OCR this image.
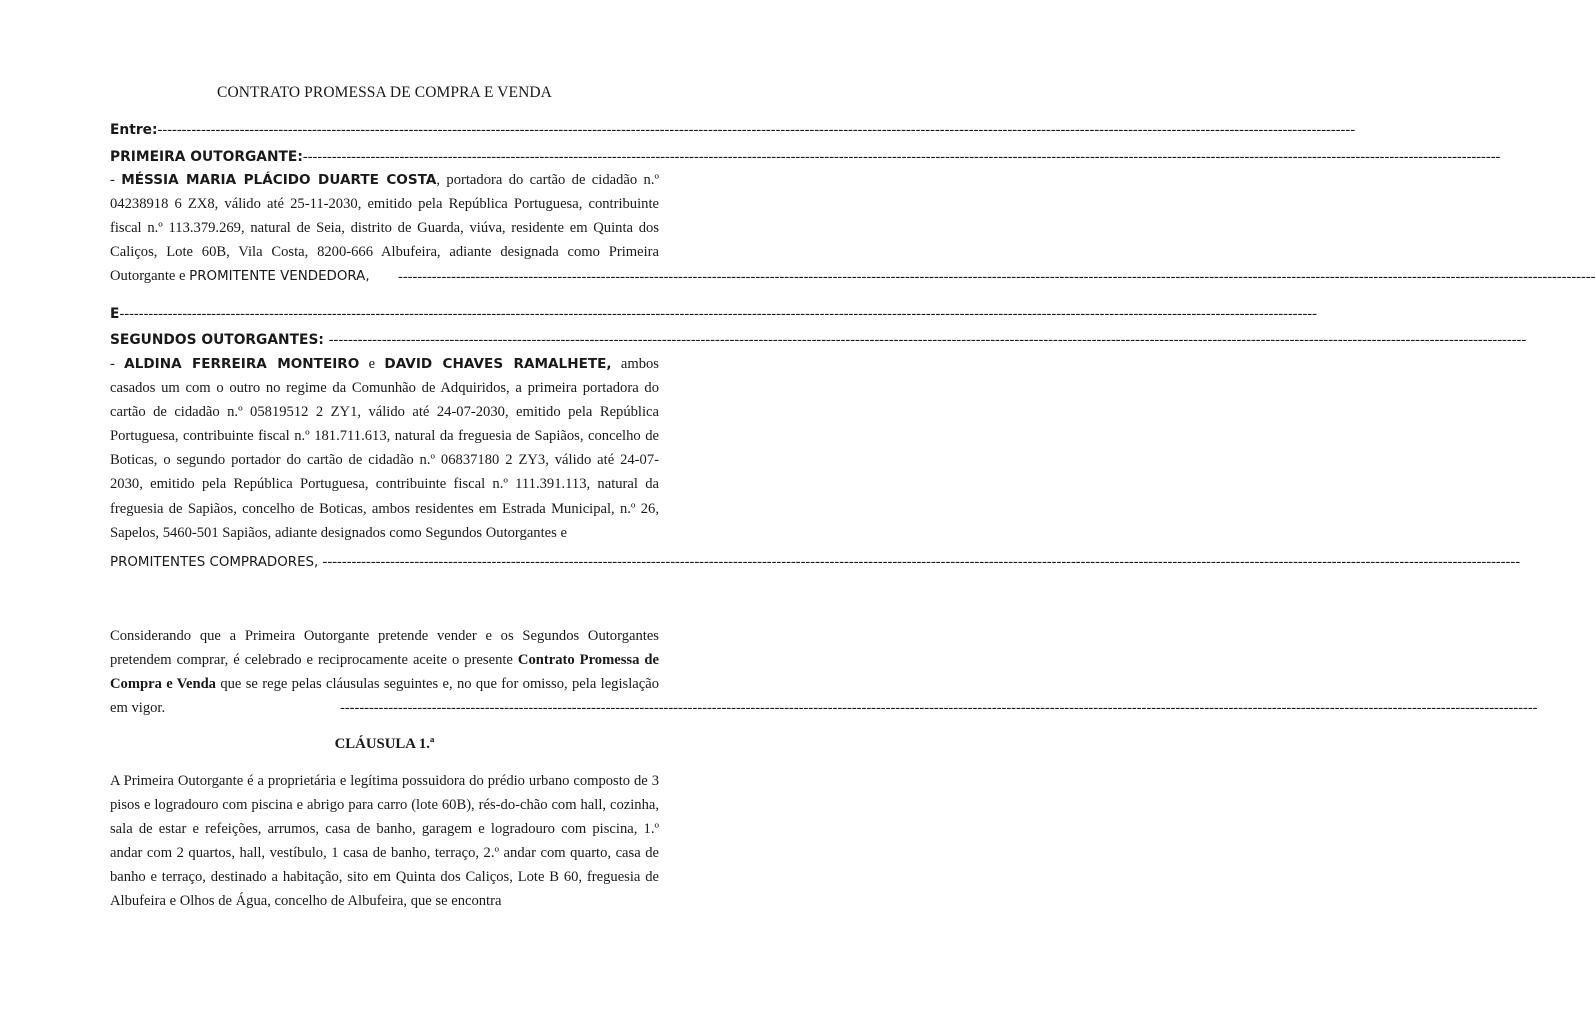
CONTRATO PROMESSA DE COMPRA E VENDA
Entre:--------------------------------------------------------------------------------------------------------------------------------------------------------------------------------------------------------------------------------------------------------
PRIMEIRA OUTORGANTE:--------------------------------------------------------------------------------------------------------------------------------------------------------------------------------------------------------------------------------------------------------

- MÉSSIA MARIA PLÁCIDO DUARTE COSTA, portadora do cartão de cidadão n.º 04238918 6 ZX8, válido até 25-11-2030, emitido pela República Portuguesa, contribuinte fiscal n.º 113.379.269, natural de Seia, distrito de Guarda, viúva, residente em Quinta dos Caliços, Lote 60B, Vila Costa, 8200-666 Albufeira, adiante designada como Primeira Outorgante e PROMITENTE VENDEDORA,	--------------------------------------------------------------------------------------------------------------------------------------------------------------------------------------------------------------------------------------------------------
E--------------------------------------------------------------------------------------------------------------------------------------------------------------------------------------------------------------------------------------------------------
SEGUNDOS OUTORGANTES: --------------------------------------------------------------------------------------------------------------------------------------------------------------------------------------------------------------------------------------------------------

- ALDINA FERREIRA MONTEIRO e DAVID CHAVES RAMALHETE, ambos casados um com o outro no regime da Comunhão de Adquiridos, a primeira portadora do cartão de cidadão n.º 05819512 2 ZY1, válido até 24-07-2030, emitido pela República Portuguesa, contribuinte fiscal n.º 181.711.613, natural da freguesia de Sapiãos, concelho de Boticas, o segundo portador do cartão de cidadão n.º 06837180 2 ZY3, válido até 24-07-2030, emitido pela República Portuguesa, contribuinte fiscal n.º 111.391.113, natural da freguesia de Sapiãos, concelho de Boticas, ambos residentes em Estrada Municipal, n.º 26, Sapelos, 5460-501 Sapiãos, adiante designados como Segundos Outorgantes e

PROMITENTES COMPRADORES, --------------------------------------------------------------------------------------------------------------------------------------------------------------------------------------------------------------------------------------------------------

Considerando que a Primeira Outorgante pretende vender e os Segundos Outorgantes pretendem comprar, é celebrado e reciprocamente aceite o presente Contrato Promessa de Compra e Venda que se rege pelas cláusulas seguintes e, no que for omisso, pela legislação em vigor.	--------------------------------------------------------------------------------------------------------------------------------------------------------------------------------------------------------------------------------------------------------
CLÁUSULA 1.ª

A Primeira Outorgante é a proprietária e legítima possuidora do prédio urbano composto de 3 pisos e logradouro com piscina e abrigo para carro (lote 60B), rés-do-chão com hall, cozinha, sala de estar e refeições, arrumos, casa de banho, garagem e logradouro com piscina, 1.º andar com 2 quartos, hall, vestíbulo, 1 casa de banho, terraço, 2.º andar com quarto, casa de banho e terraço, destinado a habitação, sito em Quinta dos Caliços, Lote B 60, freguesia de Albufeira e Olhos de Água, concelho de Albufeira, que se encontra
